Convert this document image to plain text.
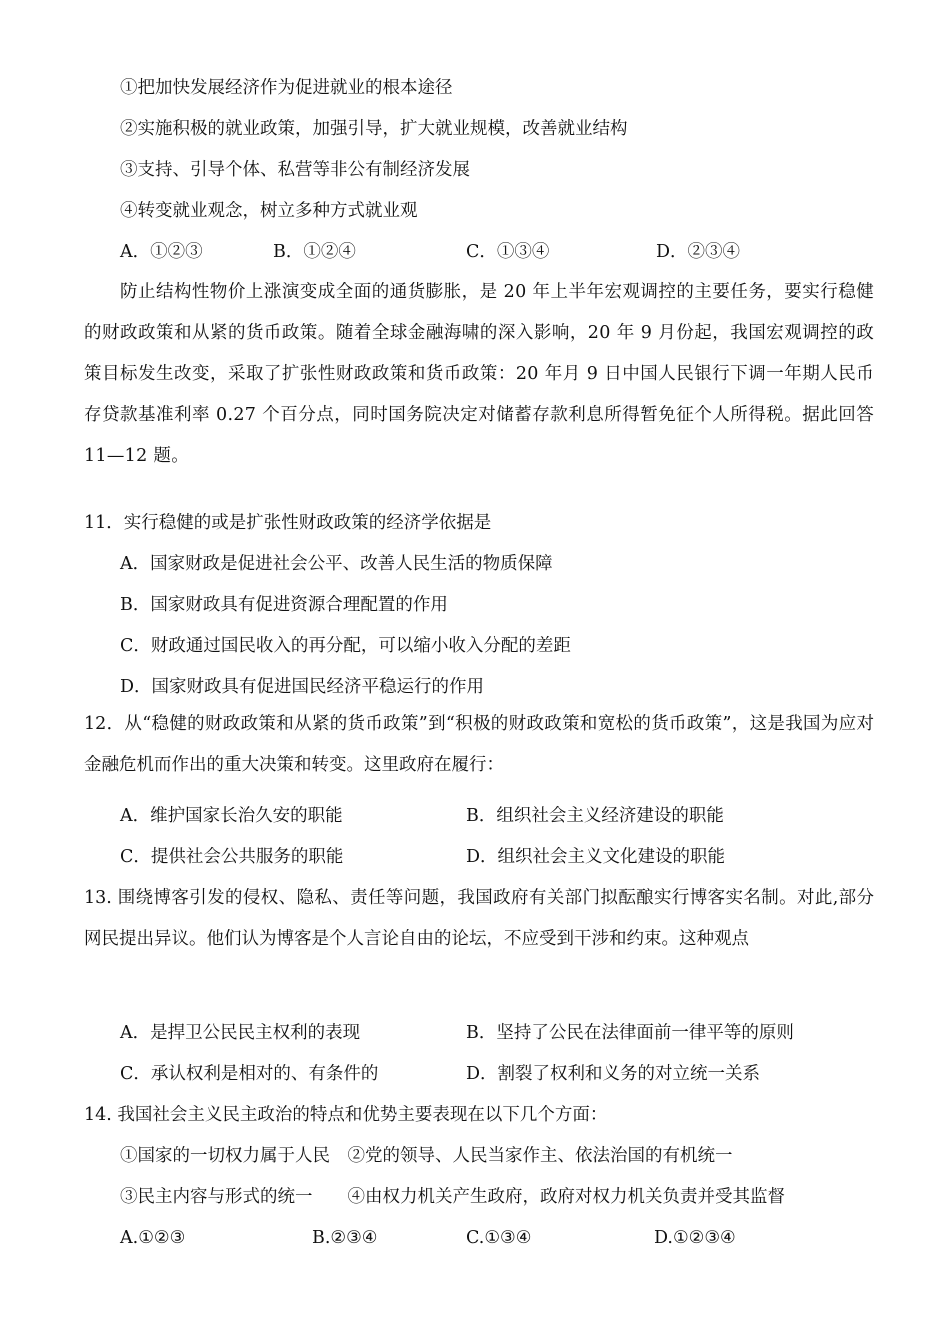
①把加快发展经济作为促进就业的根本途径
②实施积极的就业政策，加强引导，扩大就业规模，改善就业结构
③支持、引导个体、私营等非公有制经济发展
④转变就业观念，树立多种方式就业观
A．①②③	B．①②④	C．①③④	D．②③④
防止结构性物价上涨演变成全面的通货膨胀，是 20 年上半年宏观调控的主要任务，要实行稳健的财政政策和从紧的货币政策。随着全球金融海啸的深入影响，20 年 9 月份起，我国宏观调控的政策目标发生改变，采取了扩张性财政政策和货币政策：20 年月 9 日中国人民银行下调一年期人民币存贷款基准利率 0.27 个百分点，同时国务院决定对储蓄存款利息所得暂免征个人所得税。据此回答 11—12 题。
11．实行稳健的或是扩张性财政政策的经济学依据是
A．国家财政是促进社会公平、改善人民生活的物质保障
B．国家财政具有促进资源合理配置的作用
C．财政通过国民收入的再分配，可以缩小收入分配的差距
D．国家财政具有促进国民经济平稳运行的作用
12．从“稳健的财政政策和从紧的货币政策”到“积极的财政政策和宽松的货币政策”，这是我国为应对金融危机而作出的重大决策和转变。这里政府在履行：
A．维护国家长治久安的职能	B．组织社会主义经济建设的职能
C．提供社会公共服务的职能	D．组织社会主义文化建设的职能
13. 围绕博客引发的侵权、隐私、责任等问题，我国政府有关部门拟酝酿实行博客实名制。对此,部分网民提出异议。他们认为博客是个人言论自由的论坛，不应受到干涉和约束。这种观点
A．是捍卫公民民主权利的表现	B．坚持了公民在法律面前一律平等的原则
C．承认权利是相对的、有条件的	D．割裂了权利和义务的对立统一关系
14. 我国社会主义民主政治的特点和优势主要表现在以下几个方面：
①国家的一切权力属于人民　②党的领导、人民当家作主、依法治国的有机统一
③民主内容与形式的统一　　④由权力机关产生政府，政府对权力机关负责并受其监督
A.①②③	B.②③④	C.①③④	D.①②③④
